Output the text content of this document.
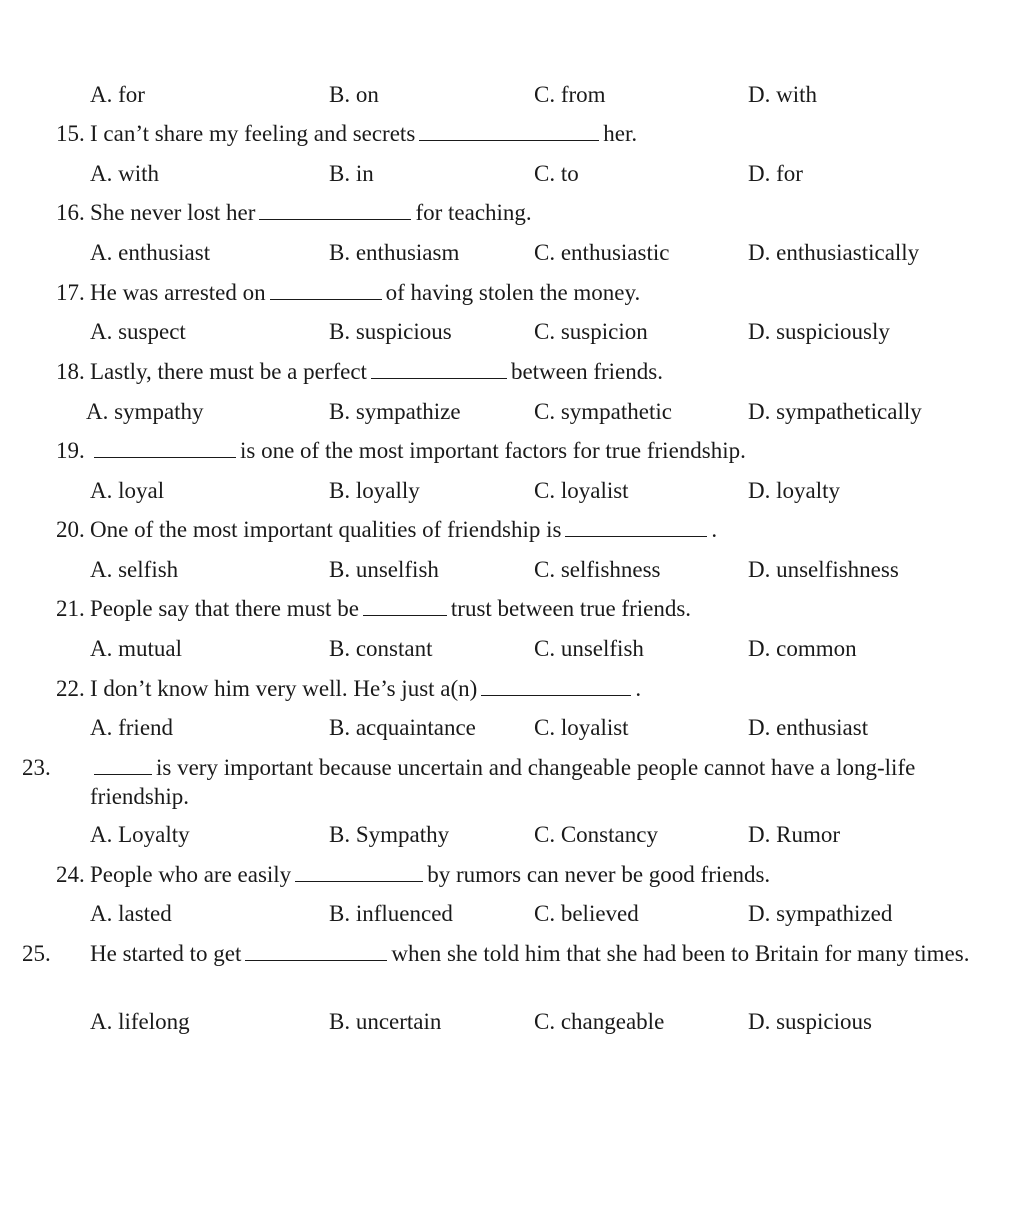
A. for	B. on	C. from	D. with
15. I can’t share my feeling and secrets	her.
A. with	B. in	C. to	D. for
16. She never lost her	for teaching.
A. enthusiast	B. enthusiasm	C. enthusiastic	D. enthusiastically
17. He was arrested on	of having stolen the money.
A. suspect	B. suspicious	C. suspicion	D. suspiciously
18. Lastly, there must be a perfect	between friends.
A. sympathy	B. sympathize	C. sympathetic	D. sympathetically
19.	is one of the most important factors for true friendship.
A. loyal	B. loyally	C. loyalist	D. loyalty
20. One of the most important qualities of friendship is	.
A. selfish	B. unselfish	C. selfishness	D. unselfishness
21. People say that there must be	trust between true friends.
A. mutual	B. constant	C. unselfish	D. common
22. I don’t know him very well. He’s just a(n)	.
A. friend	B. acquaintance	C. loyalist	D. enthusiast
23.	is very important because uncertain and changeable people cannot have a long-life friendship.
A. Loyalty	B. Sympathy	C. Constancy	D. Rumor
24. People who are easily	by rumors can never be good friends.
A. lasted	B. influenced	C. believed	D. sympathized
25. He started to get	when she told him that she had been to Britain for many times.
A. lifelong	B. uncertain	C. changeable	D. suspicious
